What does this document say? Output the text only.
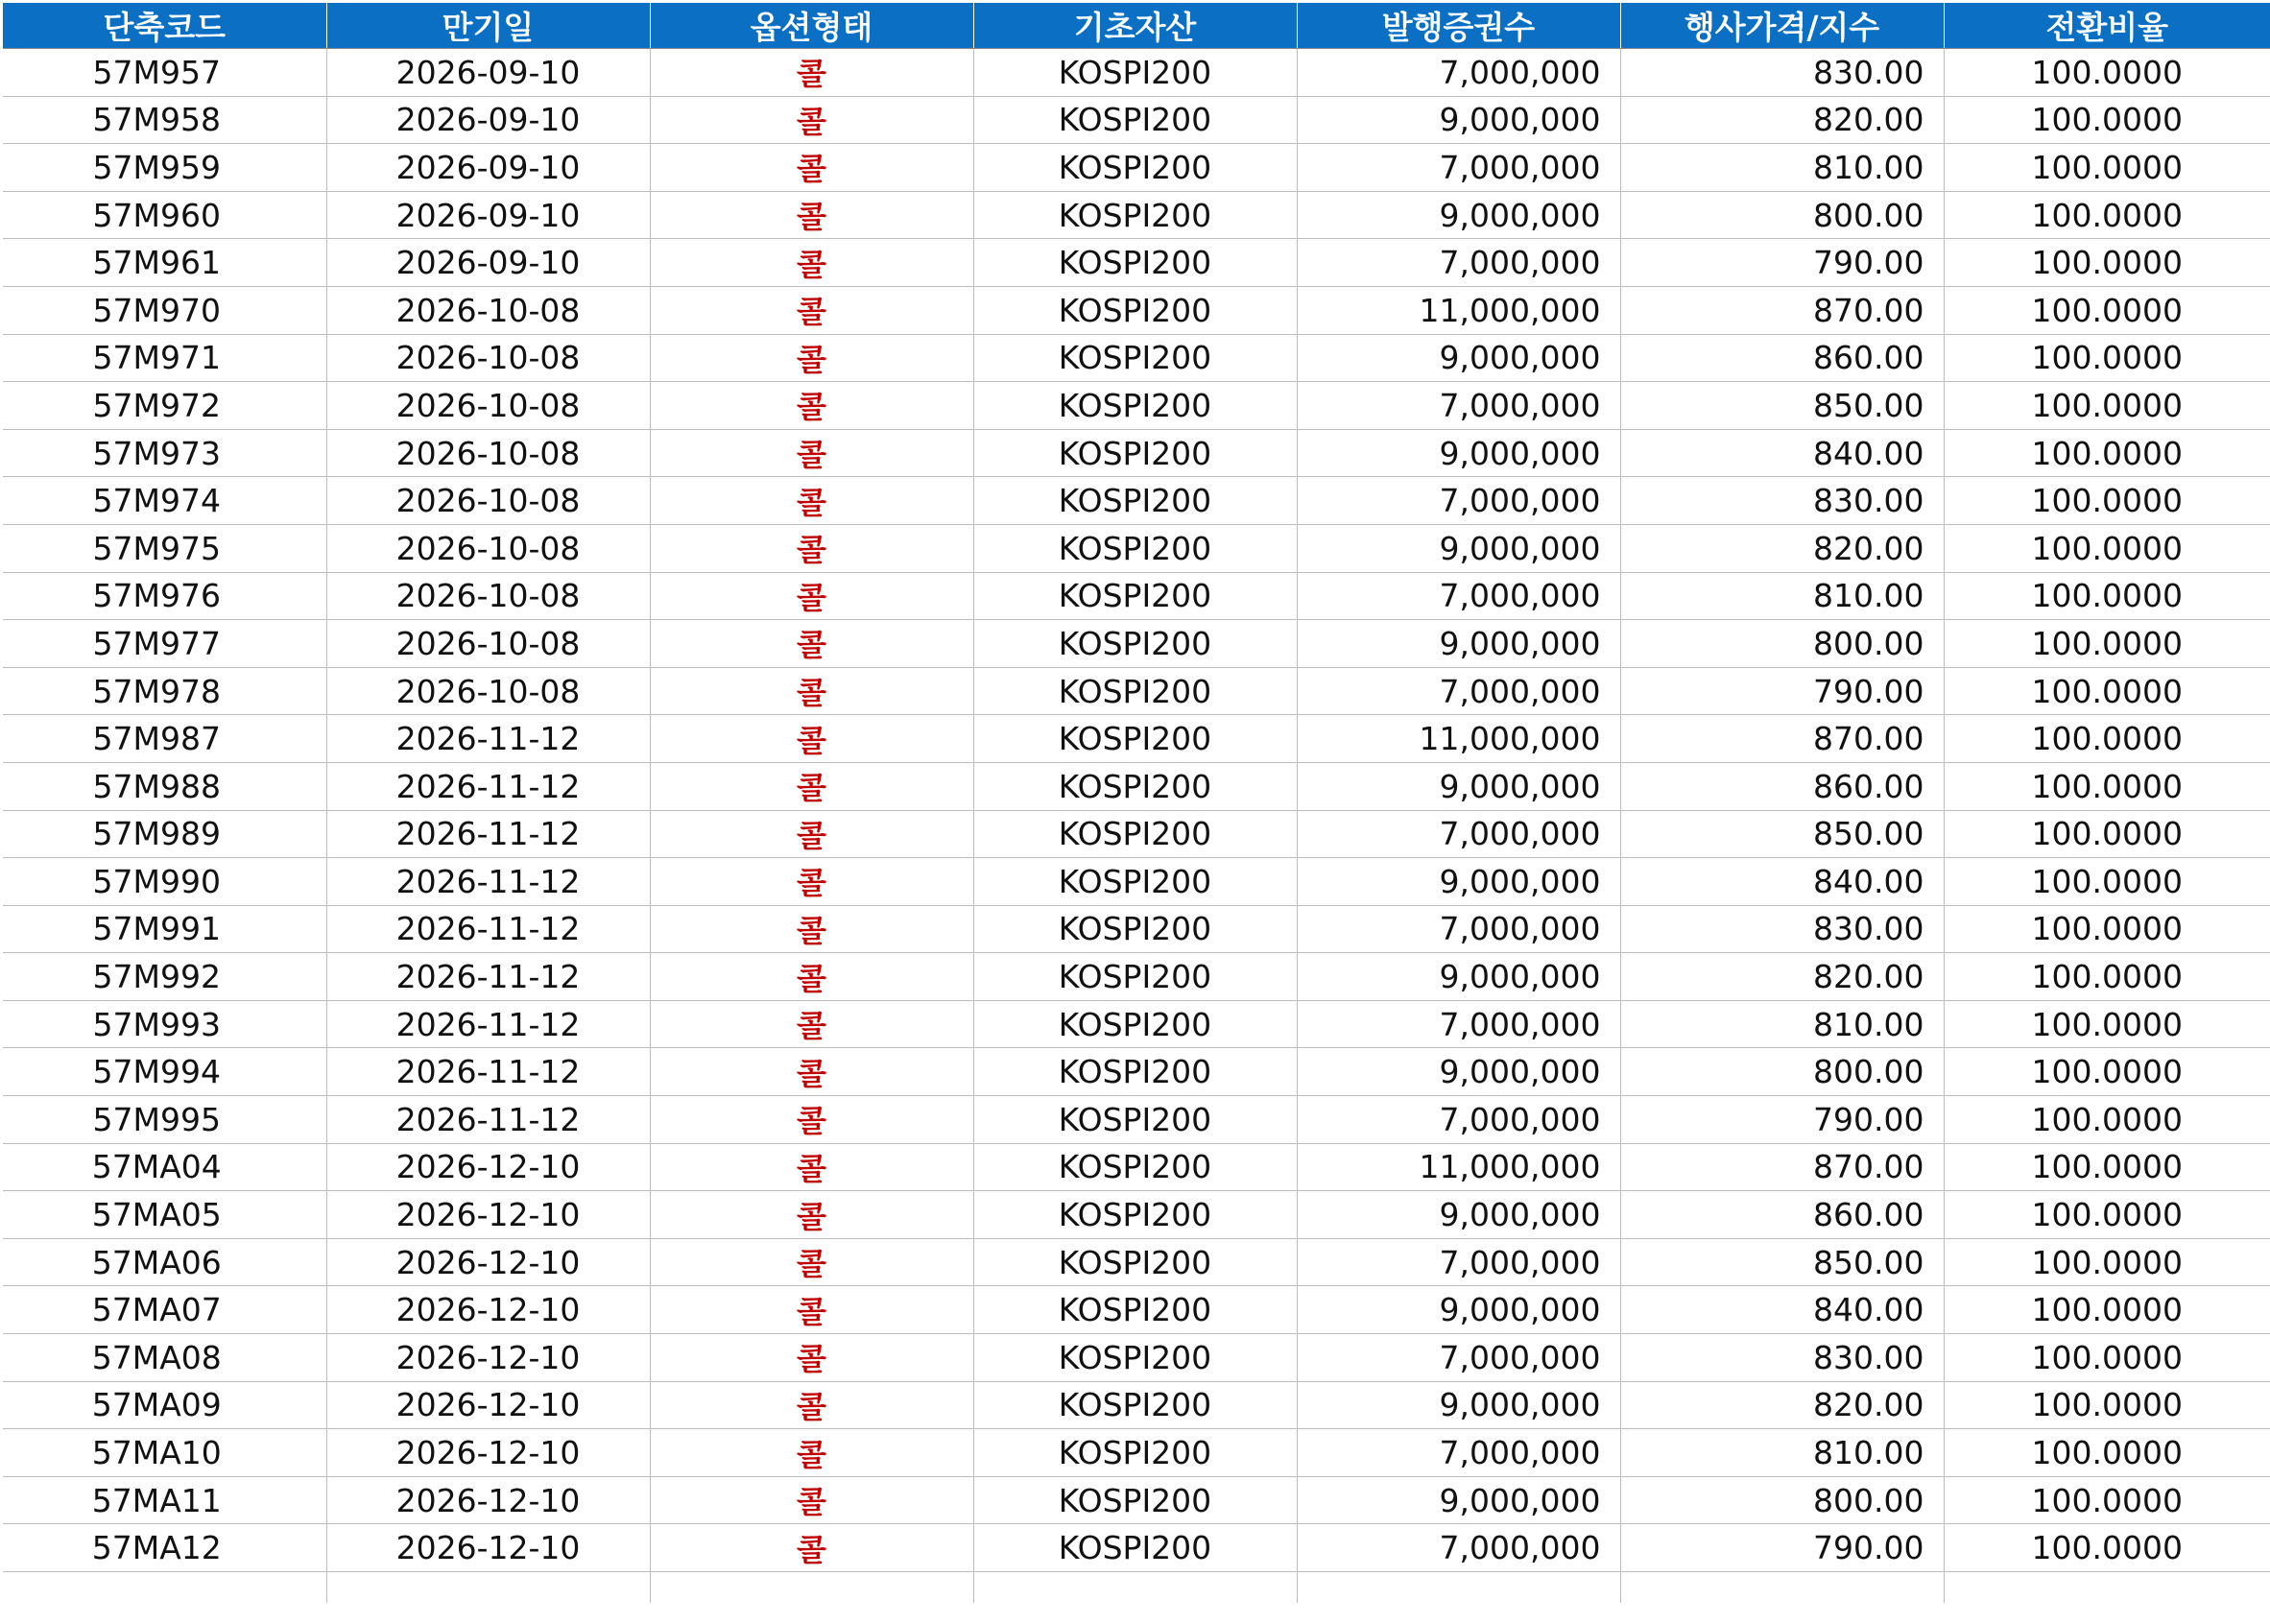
단축코드	만기일	옵션형태	기초자산	발행증권수	행사가격/지수	전환비율
57M957	2026-09-10	콜	KOSPI200	7,000,000	830.00	100.0000
57M958	2026-09-10	콜	KOSPI200	9,000,000	820.00	100.0000
57M959	2026-09-10	콜	KOSPI200	7,000,000	810.00	100.0000
57M960	2026-09-10	콜	KOSPI200	9,000,000	800.00	100.0000
57M961	2026-09-10	콜	KOSPI200	7,000,000	790.00	100.0000
57M970	2026-10-08	콜	KOSPI200	11,000,000	870.00	100.0000
57M971	2026-10-08	콜	KOSPI200	9,000,000	860.00	100.0000
57M972	2026-10-08	콜	KOSPI200	7,000,000	850.00	100.0000
57M973	2026-10-08	콜	KOSPI200	9,000,000	840.00	100.0000
57M974	2026-10-08	콜	KOSPI200	7,000,000	830.00	100.0000
57M975	2026-10-08	콜	KOSPI200	9,000,000	820.00	100.0000
57M976	2026-10-08	콜	KOSPI200	7,000,000	810.00	100.0000
57M977	2026-10-08	콜	KOSPI200	9,000,000	800.00	100.0000
57M978	2026-10-08	콜	KOSPI200	7,000,000	790.00	100.0000
57M987	2026-11-12	콜	KOSPI200	11,000,000	870.00	100.0000
57M988	2026-11-12	콜	KOSPI200	9,000,000	860.00	100.0000
57M989	2026-11-12	콜	KOSPI200	7,000,000	850.00	100.0000
57M990	2026-11-12	콜	KOSPI200	9,000,000	840.00	100.0000
57M991	2026-11-12	콜	KOSPI200	7,000,000	830.00	100.0000
57M992	2026-11-12	콜	KOSPI200	9,000,000	820.00	100.0000
57M993	2026-11-12	콜	KOSPI200	7,000,000	810.00	100.0000
57M994	2026-11-12	콜	KOSPI200	9,000,000	800.00	100.0000
57M995	2026-11-12	콜	KOSPI200	7,000,000	790.00	100.0000
57MA04	2026-12-10	콜	KOSPI200	11,000,000	870.00	100.0000
57MA05	2026-12-10	콜	KOSPI200	9,000,000	860.00	100.0000
57MA06	2026-12-10	콜	KOSPI200	7,000,000	850.00	100.0000
57MA07	2026-12-10	콜	KOSPI200	9,000,000	840.00	100.0000
57MA08	2026-12-10	콜	KOSPI200	7,000,000	830.00	100.0000
57MA09	2026-12-10	콜	KOSPI200	9,000,000	820.00	100.0000
57MA10	2026-12-10	콜	KOSPI200	7,000,000	810.00	100.0000
57MA11	2026-12-10	콜	KOSPI200	9,000,000	800.00	100.0000
57MA12	2026-12-10	콜	KOSPI200	7,000,000	790.00	100.0000
